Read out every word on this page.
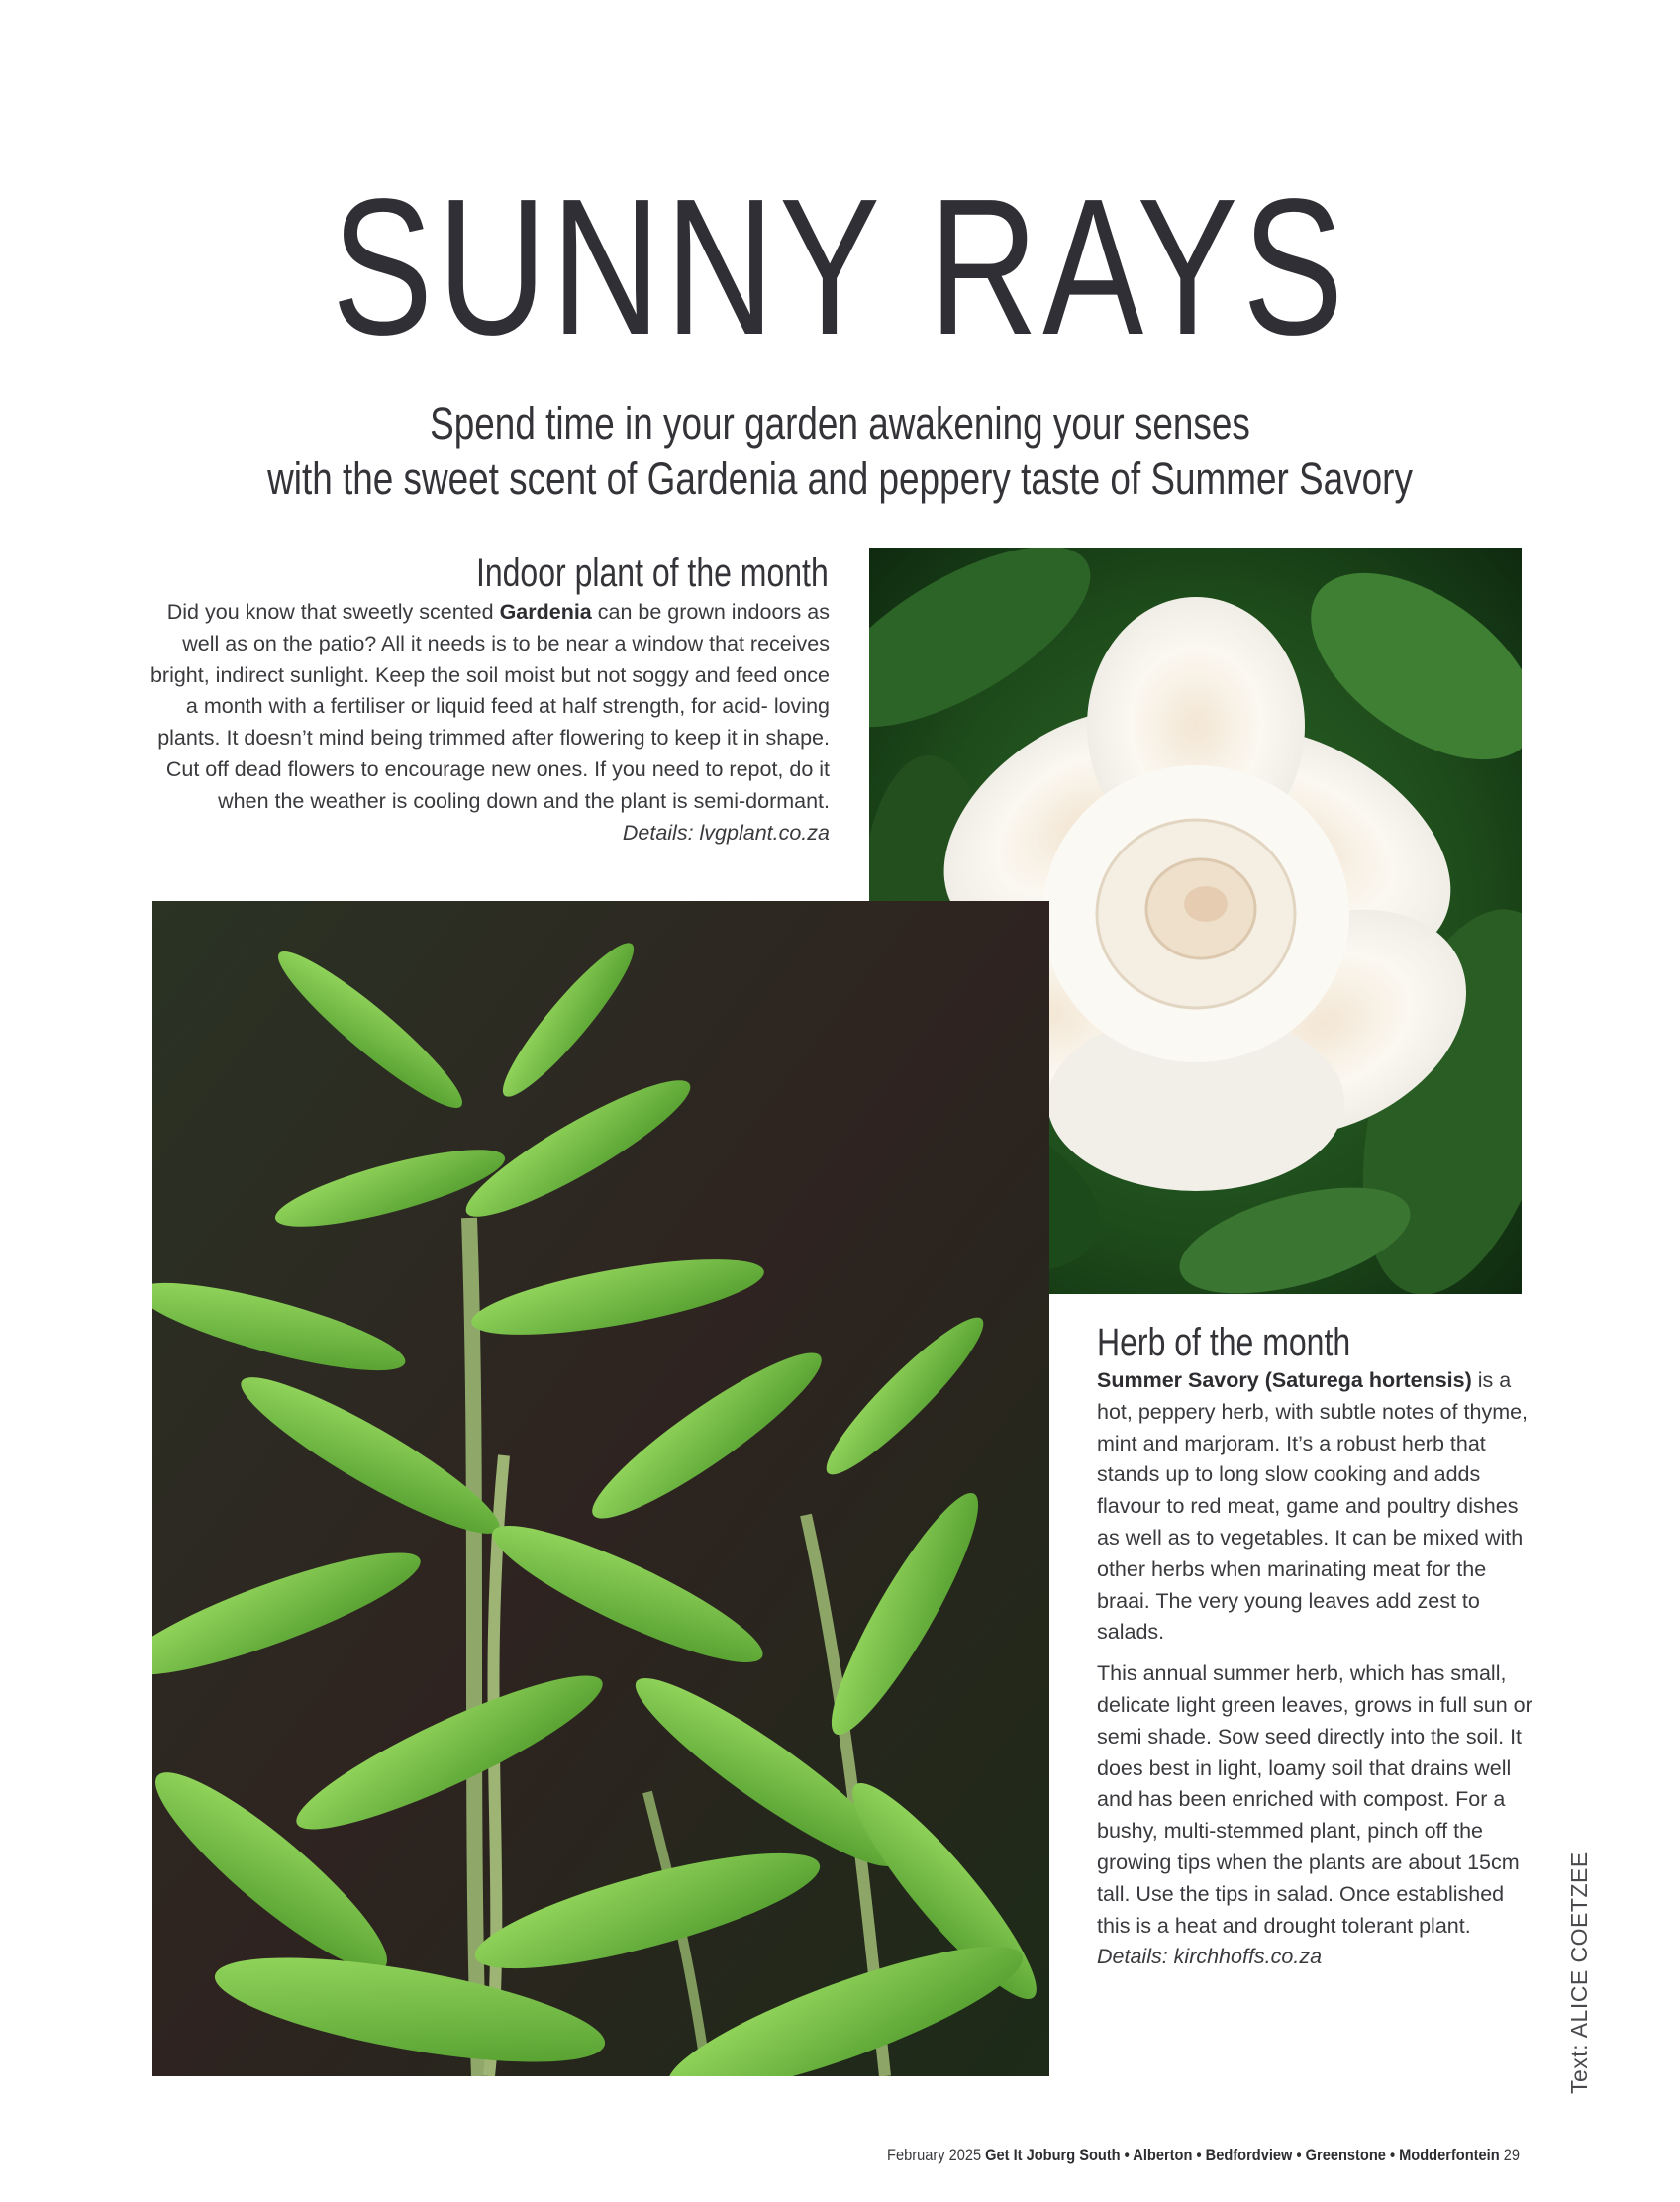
SUNNY RAYS
Spend time in your garden awakening your senses
with the sweet scent of Gardenia and peppery taste of Summer Savory
Indoor plant of the month
Did you know that sweetly scented Gardenia can be grown indoors as well as on the patio? All it needs is to be near a window that receives bright, indirect sunlight. Keep the soil moist but not soggy and feed once a month with a fertiliser or liquid feed at half strength, for acid- loving plants. It doesn’t mind being trimmed after flowering to keep it in shape. Cut off dead flowers to encourage new ones. If you need to repot, do it when the weather is cooling down and the plant is semi-dormant. Details: lvgplant.co.za
Herb of the month

Summer Savory (Saturega hortensis) is a hot, peppery herb, with subtle notes of thyme, mint and marjoram. It’s a robust herb that stands up to long slow cooking and adds flavour to red meat, game and poultry dishes as well as to vegetables. It can be mixed with other herbs when marinating meat for the braai. The very young leaves add zest to salads.

This annual summer herb, which has small, delicate light green leaves, grows in full sun or semi shade. Sow seed directly into the soil. It does best in light, loamy soil that drains well and has been enriched with compost. For a bushy, multi-stemmed plant, pinch off the growing tips when the plants are about 15cm tall. Use the tips in salad. Once established this is a heat and drought tolerant plant.
Details: kirchhoffs.co.za	Text: ALICE COETZEE
February 2025 Get It Joburg South • Alberton • Bedfordview • Greenstone • Modderfontein 29
